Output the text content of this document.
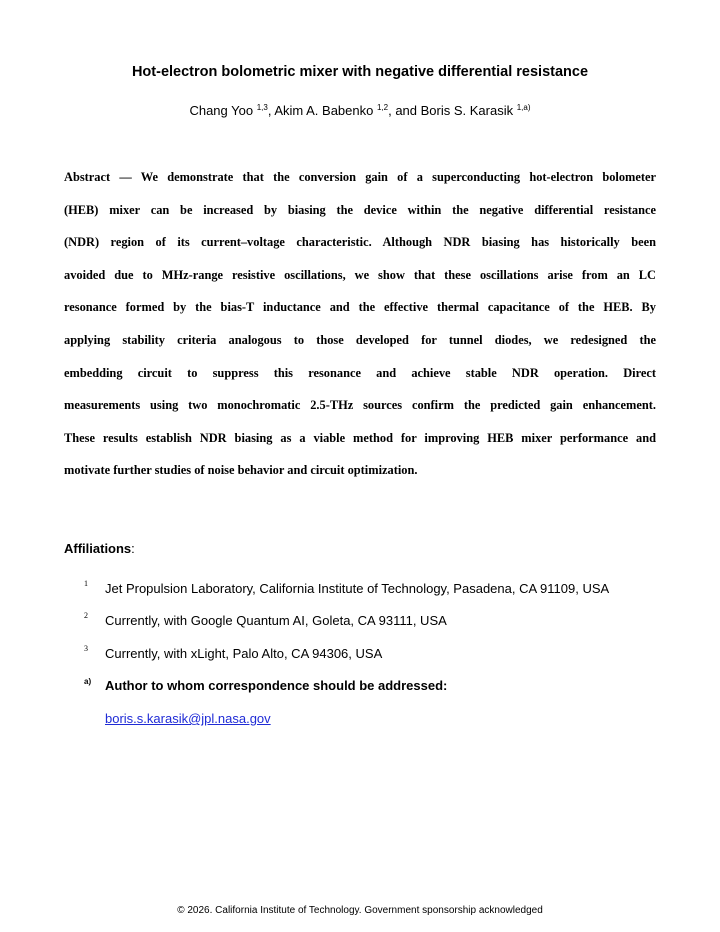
Hot-electron bolometric mixer with negative differential resistance
Chang Yoo $^{1,3}$, Akim A. Babenko $^{1,2}$, and Boris S. Karasik $^{1,a)}$
Abstract — We demonstrate that the conversion gain of a superconducting hot-electron bolometer
(HEB) mixer can be increased by biasing the device within the negative differential resistance
(NDR) region of its current–voltage characteristic. Although NDR biasing has historically been
avoided due to MHz-range resistive oscillations, we show that these oscillations arise from an LC
resonance formed by the bias-T inductance and the effective thermal capacitance of the HEB. By
applying stability criteria analogous to those developed for tunnel diodes, we redesigned the
embedding circuit to suppress this resonance and achieve stable NDR operation. Direct
measurements using two monochromatic 2.5-THz sources confirm the predicted gain enhancement.
These results establish NDR biasing as a viable method for improving HEB mixer performance and
motivate further studies of noise behavior and circuit optimization.
Affiliations:
1 Jet Propulsion Laboratory, California Institute of Technology, Pasadena, CA 91109, USA
2 Currently, with Google Quantum AI, Goleta, CA 93111, USA
3 Currently, with xLight, Palo Alto, CA 94306, USA
a) Author to whom correspondence should be addressed:
boris.s.karasik@jpl.nasa.gov
© 2026. California Institute of Technology. Government sponsorship acknowledged
